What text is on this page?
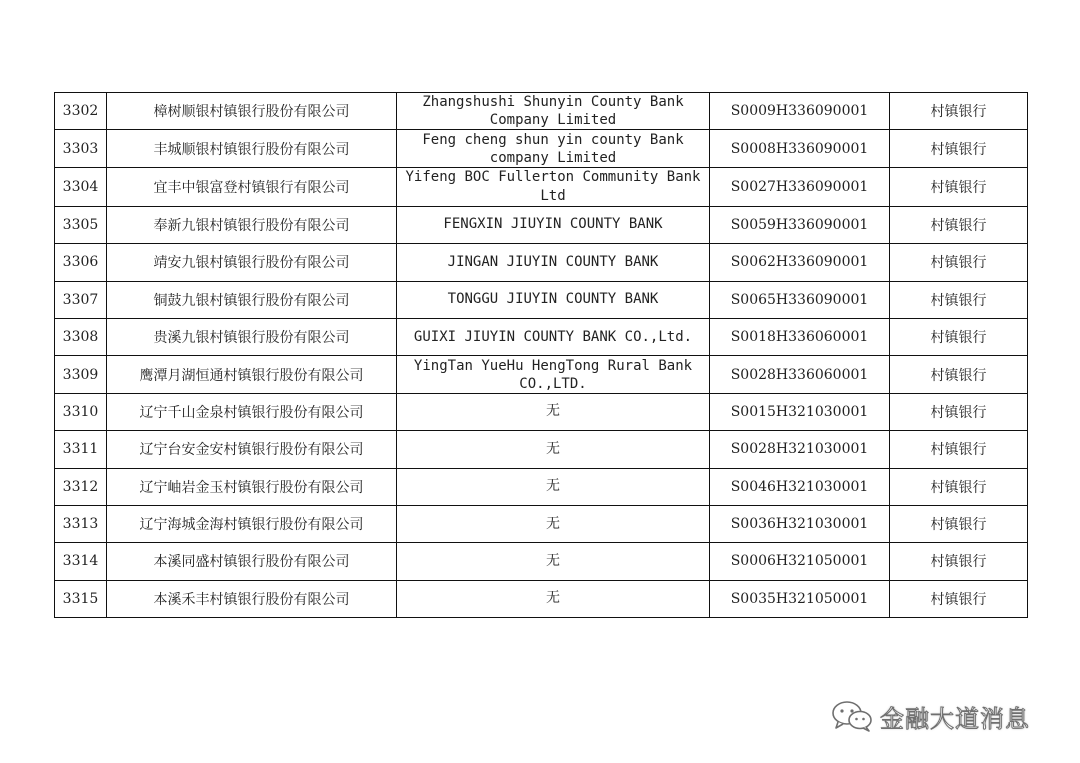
3302	樟树顺银村镇银行股份有限公司	Zhangshushi Shunyin County Bank Company Limited	S0009H336090001	村镇银行
3303	丰城顺银村镇银行股份有限公司	Feng cheng shun yin county Bank company Limited	S0008H336090001	村镇银行
3304	宜丰中银富登村镇银行有限公司	Yifeng BOC Fullerton Community Bank Ltd	S0027H336090001	村镇银行
3305	奉新九银村镇银行股份有限公司	FENGXIN JIUYIN COUNTY BANK	S0059H336090001	村镇银行
3306	靖安九银村镇银行股份有限公司	JINGAN JIUYIN COUNTY BANK	S0062H336090001	村镇银行
3307	铜鼓九银村镇银行股份有限公司	TONGGU JIUYIN COUNTY BANK	S0065H336090001	村镇银行
3308	贵溪九银村镇银行股份有限公司	GUIXI JIUYIN COUNTY BANK CO.,Ltd.	S0018H336060001	村镇银行
3309	鹰潭月湖恒通村镇银行股份有限公司	YingTan YueHu HengTong Rural Bank CO.,LTD.	S0028H336060001	村镇银行
3310	辽宁千山金泉村镇银行股份有限公司	无	S0015H321030001	村镇银行
3311	辽宁台安金安村镇银行股份有限公司	无	S0028H321030001	村镇银行
3312	辽宁岫岩金玉村镇银行股份有限公司	无	S0046H321030001	村镇银行
3313	辽宁海城金海村镇银行股份有限公司	无	S0036H321030001	村镇银行
3314	本溪同盛村镇银行股份有限公司	无	S0006H321050001	村镇银行
3315	本溪禾丰村镇银行股份有限公司	无	S0035H321050001	村镇银行
金融大道消息
